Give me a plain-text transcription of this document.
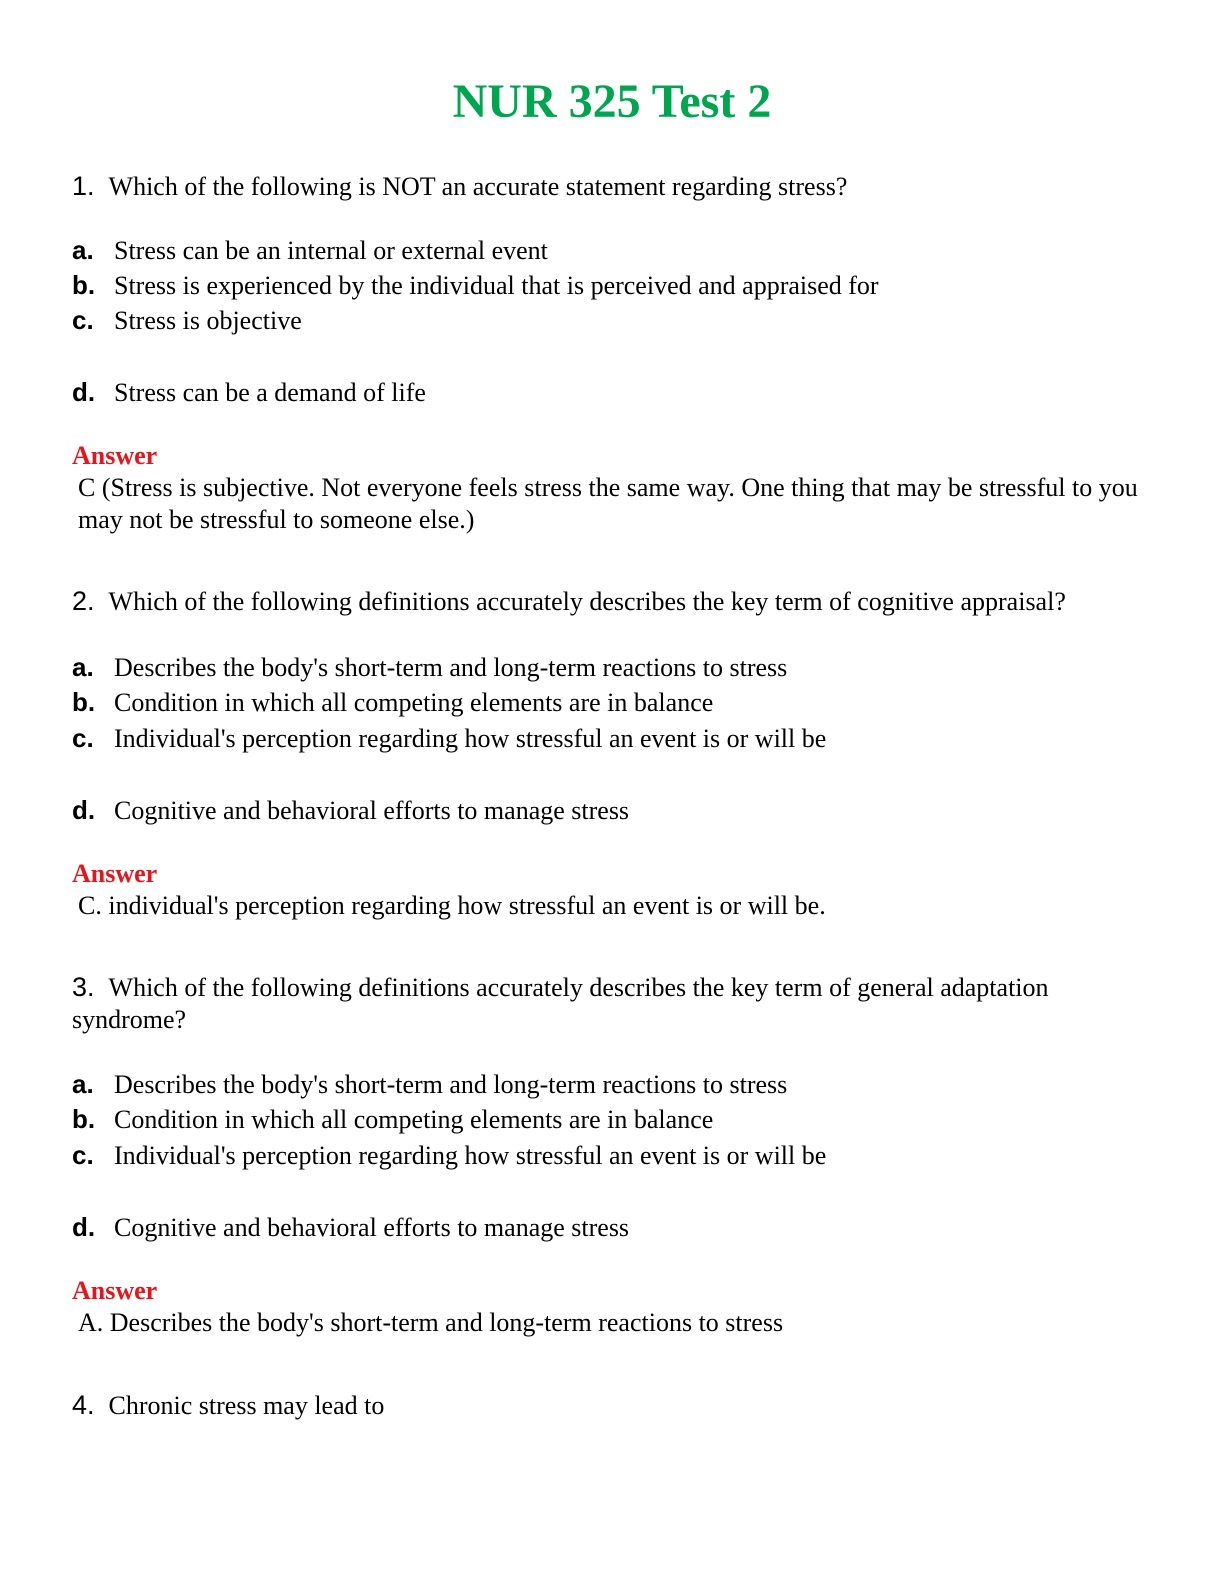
NUR 325 Test 2
1. Which of the following is NOT an accurate statement regarding stress?
a. Stress can be an internal or external event
b. Stress is experienced by the individual that is perceived and appraised for
c. Stress is objective
d. Stress can be a demand of life
Answer
C (Stress is subjective. Not everyone feels stress the same way. One thing that may be stressful to you may not be stressful to someone else.)
2. Which of the following definitions accurately describes the key term of cognitive appraisal?
a. Describes the body's short-term and long-term reactions to stress
b. Condition in which all competing elements are in balance
c. Individual's perception regarding how stressful an event is or will be
d. Cognitive and behavioral efforts to manage stress
Answer
C. individual's perception regarding how stressful an event is or will be.
3. Which of the following definitions accurately describes the key term of general adaptation syndrome?
a. Describes the body's short-term and long-term reactions to stress
b. Condition in which all competing elements are in balance
c. Individual's perception regarding how stressful an event is or will be
d. Cognitive and behavioral efforts to manage stress
Answer
A. Describes the body's short-term and long-term reactions to stress
4. Chronic stress may lead to
